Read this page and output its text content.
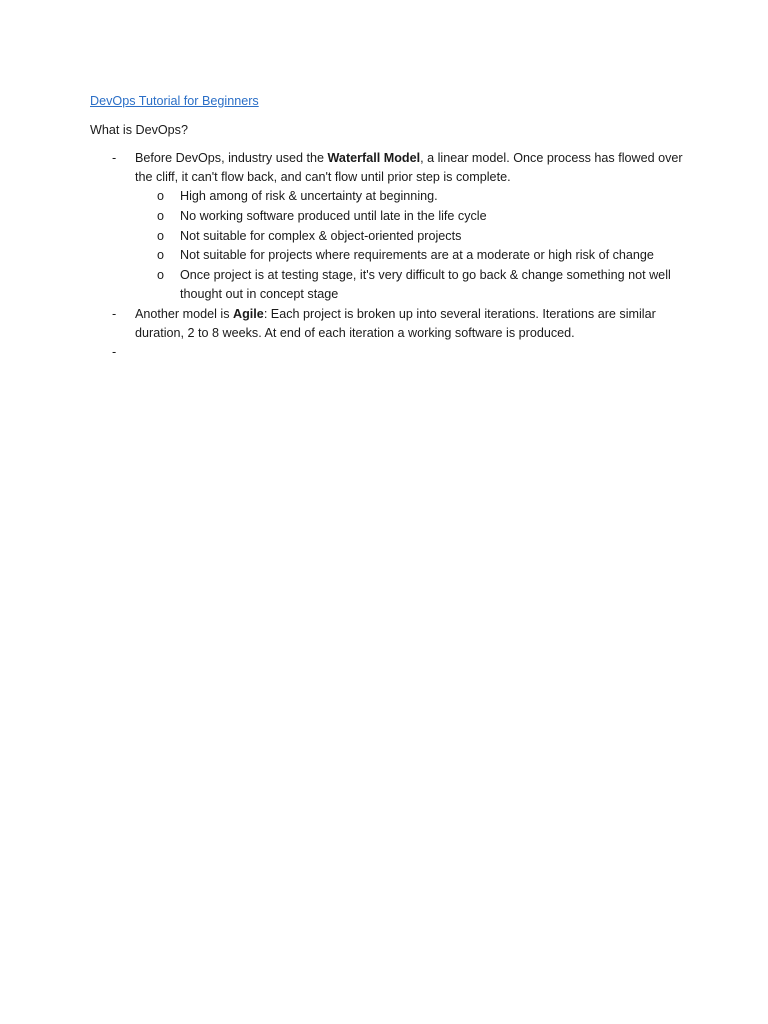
DevOps Tutorial for Beginners
What is DevOps?
- Before DevOps, industry used the Waterfall Model, a linear model. Once process has flowed over the cliff, it can't flow back, and can't flow until prior step is complete.
o High among of risk & uncertainty at beginning.
o No working software produced until late in the life cycle
o Not suitable for complex & object-oriented projects
o Not suitable for projects where requirements are at a moderate or high risk of change
o Once project is at testing stage, it's very difficult to go back & change something not well thought out in concept stage
- Another model is Agile: Each project is broken up into several iterations. Iterations are similar duration, 2 to 8 weeks. At end of each iteration a working software is produced.
-
